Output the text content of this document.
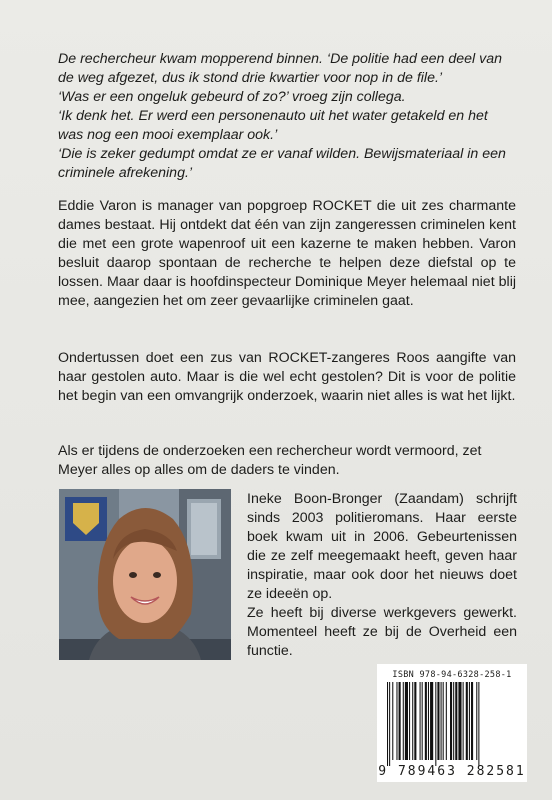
De rechercheur kwam mopperend binnen. ‘De politie had een deel van de weg afgezet, dus ik stond drie kwartier voor nop in de file.’
‘Was er een ongeluk gebeurd of zo?’ vroeg zijn collega.
‘Ik denk het. Er werd een personenauto uit het water getakeld en het was nog een mooi exemplaar ook.’
‘Die is zeker gedumpt omdat ze er vanaf wilden. Bewijsmateriaal in een criminele afrekening.’

Eddie Varon is manager van popgroep ROCKET die uit zes charmante dames bestaat. Hij ontdekt dat één van zijn zangeressen criminelen kent die met een grote wapenroof uit een kazerne te maken hebben. Varon besluit daarop spontaan de recherche te helpen deze diefstal op te lossen. Maar daar is hoofdinspecteur Dominique Meyer helemaal niet blij mee, aangezien het om zeer gevaarlijke criminelen gaat.

Ondertussen doet een zus van ROCKET-zangeres Roos aangifte van haar gestolen auto. Maar is die wel echt gestolen? Dit is voor de politie het begin van een omvangrijk onderzoek, waarin niet alles is wat het lijkt.

Als er tijdens de onderzoeken een rechercheur wordt vermoord, zet Meyer alles op alles om de daders te vinden.

Ineke Boon-Bronger (Zaandam) schrijft sinds 2003 politieromans. Haar eerste boek kwam uit in 2006. Gebeurtenissen die ze zelf meegemaakt heeft, geven haar inspiratie, maar ook door het nieuws doet ze ideeën op.
Ze heeft bij diverse werkgevers gewerkt. Momenteel heeft ze bij de Overheid een functie.
ISBN 978-94-6328-258-1
9 789463 282581
